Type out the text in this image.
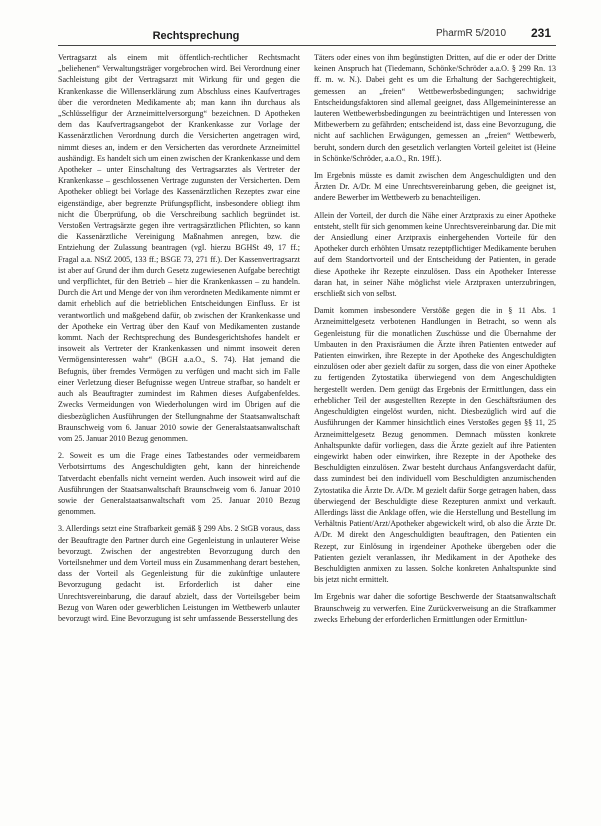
Rechtsprechung	PharmR 5/2010 231

Vertragsarzt als einem mit öffentlich-rechtlicher Rechtsmacht „beliehenen“ Verwaltungsträger vorgebrochen wird. Bei Verordnung einer Sachleistung gibt der Vertragsarzt mit Wirkung für und gegen die Krankenkasse die Willenserklärung zum Abschluss eines Kaufvertrages über die verordneten Medikamente ab; man kann ihn durchaus als „Schlüsselfigur der Arzneimittelversorgung“ bezeichnen. D Apotheken dem das Kaufvertragsangebot der Krankenkasse zur Vorlage der Kassenärztlichen Verordnung durch die Versicherten angetragen wird, nimmt dieses an, indem er den Versicherten das verordnete Arzneimittel aushändigt. Es handelt sich um einen zwischen der Krankenkasse und dem Apotheker – unter Einschaltung des Vertragsarztes als Vertreter der Krankenkasse – geschlossenen Vertrage zugunsten der Versicherten. Dem Apotheker obliegt bei Vorlage des Kassenärztlichen Rezeptes zwar eine eigenständige, aber begrenzte Prüfungspflicht, insbesondere obliegt ihm nicht die Überprüfung, ob die Verschreibung sachlich begründet ist. Verstoßen Vertragsärzte gegen ihre vertragsärztlichen Pflichten, so kann die Kassenärztliche Vereinigung Maßnahmen anregen, bzw. die Entziehung der Zulassung beantragen (vgl. hierzu BGHSt 49, 17 ff.; Fragal a.a. NStZ 2005, 133 ff.; BSGE 73, 271 ff.). Der Kassenvertragsarzt ist aber auf Grund der ihm durch Gesetz zugewiesenen Aufgabe berechtigt und verpflichtet, für den Betrieb – hier die Krankenkassen – zu handeln. Durch die Art und Menge der von ihm verordneten Medikamente nimmt er damit erheblich auf die betrieblichen Entscheidungen Einfluss. Er ist verantwortlich und maßgebend dafür, ob zwischen der Krankenkasse und der Apotheke ein Vertrag über den Kauf von Medikamenten zustande kommt. Nach der Rechtsprechung des Bundesgerichtshofes handelt er insoweit als Vertreter der Krankenkassen und nimmt insoweit deren Vermögensinteressen wahr“ (BGH a.a.O., S. 74). Hat jemand die Befugnis, über fremdes Vermögen zu verfügen und macht sich im Falle einer Verletzung dieser Befugnisse wegen Untreue strafbar, so handelt er auch als Beauftragter zumindest im Rahmen dieses Aufgabenfeldes. Zwecks Vermeidungen von Wiederholungen wird im Übrigen auf die diesbezüglichen Ausführungen der Stellungnahme der Staatsanwaltschaft Braunschweig vom 6. Januar 2010 sowie der Generalstaatsanwaltschaft vom 25. Januar 2010 Bezug genommen.

2. Soweit es um die Frage eines Tatbestandes oder vermeidbarem Verbotsirrtums des Angeschuldigten geht, kann der hinreichende Tatverdacht ebenfalls nicht verneint werden. Auch insoweit wird auf die Ausführungen der Staatsanwaltschaft Braunschweig vom 6. Januar 2010 sowie der Generalstaatsanwaltschaft vom 25. Januar 2010 Bezug genommen.

3. Allerdings setzt eine Strafbarkeit gemäß § 299 Abs. 2 StGB voraus, dass der Beauftragte den Partner durch eine Gegenleistung in unlauterer Weise bevorzugt. Zwischen der angestrebten Bevorzugung durch den Vorteilsnehmer und dem Vorteil muss ein Zusammenhang derart bestehen, dass der Vorteil als Gegenleistung für die zukünftige unlautere Bevorzugung gedacht ist. Erforderlich ist daher eine Unrechtsvereinbarung, die darauf abzielt, dass der Vorteilsgeber beim Bezug von Waren oder gewerblichen Leistungen im Wettbewerb unlauter bevorzugt wird. Eine Bevorzugung ist sehr umfassende Besserstellung des

Täters oder eines von ihm begünstigten Dritten, auf die er oder der Dritte keinen Anspruch hat (Tiedemann, Schönke/Schröder a.a.O. § 299 Rn. 13 ff. m. w. N.). Dabei geht es um die Erhaltung der Sachgerechtigkeit, gemessen an „freien“ Wettbewerbsbedingungen; sachwidrige Entscheidungsfaktoren sind allemal geeignet, dass Allgemeininteresse an lauteren Wettbewerbsbedingungen zu beeinträchtigen und Interessen von Mitbewerbern zu gefährden; entscheidend ist, dass eine Bevorzugung, die nicht auf sachlichen Erwägungen, gemessen an „freien“ Wettbewerb, beruht, sondern durch den gesetzlich verlangten Vorteil geleitet ist (Heine in Schönke/Schröder, a.a.O., Rn. 19ff.).

Im Ergebnis müsste es damit zwischen dem Angeschuldigten und den Ärzten Dr. A/Dr. M eine Unrechtsvereinbarung geben, die geeignet ist, andere Bewerber im Wettbewerb zu benachteiligen.

Allein der Vorteil, der durch die Nähe einer Arztpraxis zu einer Apotheke entsteht, stellt für sich genommen keine Unrechtsvereinbarung dar. Die mit der Ansiedlung einer Arztpraxis einhergehenden Vorteile für den Apotheker durch erhöhten Umsatz rezeptpflichtiger Medikamente beruhen auf dem Standortvorteil und der Entscheidung der Patienten, in gerade diese Apotheke ihr Rezepte einzulösen. Dass ein Apotheker Interesse daran hat, in seiner Nähe möglichst viele Arztpraxen unterzubringen, erschließt sich von selbst.

Damit kommen insbesondere Verstöße gegen die in § 11 Abs. 1 Arzneimittelgesetz verbotenen Handlungen in Betracht, so wenn als Gegenleistung für die monatlichen Zuschüsse und die Übernahme der Umbauten in den Praxisräumen die Ärzte ihren Patienten entweder auf Patienten einwirken, ihre Rezepte in der Apotheke des Angeschuldigten einzulösen oder aber gezielt dafür zu sorgen, dass die von einer Apotheke zu fertigenden Zytostatika überwiegend von dem Angeschuldigten hergestellt werden. Dem genügt das Ergebnis der Ermittlungen, dass ein erheblicher Teil der ausgestellten Rezepte in den Geschäftsräumen des Angeschuldigten eingelöst wurden, nicht. Diesbezüglich wird auf die Ausführungen der Kammer hinsichtlich eines Verstoßes gegen §§ 11, 25 Arzneimittelgesetz Bezug genommen. Demnach müssten konkrete Anhaltspunkte dafür vorliegen, dass die Ärzte gezielt auf ihre Patienten eingewirkt haben oder einwirken, ihre Rezepte in der Apotheke des Beschuldigten einzulösen. Zwar besteht durchaus Anfangsverdacht dafür, dass zumindest bei den individuell vom Beschuldigten anzumischenden Zytostatika die Ärzte Dr. A/Dr. M gezielt dafür Sorge getragen haben, dass überwiegend der Beschuldigte diese Rezepturen anmixt und verkauft. Allerdings lässt die Anklage offen, wie die Herstellung und Bestellung im Verhältnis Patient/Arzt/Apotheker abgewickelt wird, ob also die Ärzte Dr. A/Dr. M direkt den Angeschuldigten beauftragen, den Patienten ein Rezept, zur Einlösung in irgendeiner Apotheke übergeben oder die Patienten gezielt veranlassen, ihr Medikament in der Apotheke des Beschuldigten anmixen zu lassen. Solche konkreten Anhaltspunkte sind bis jetzt nicht ermittelt.

Im Ergebnis war daher die sofortige Beschwerde der Staatsanwaltschaft Braunschweig zu verwerfen. Eine Zurückverweisung an die Strafkammer zwecks Erhebung der erforderlichen Ermittlungen oder Ermittlun-
